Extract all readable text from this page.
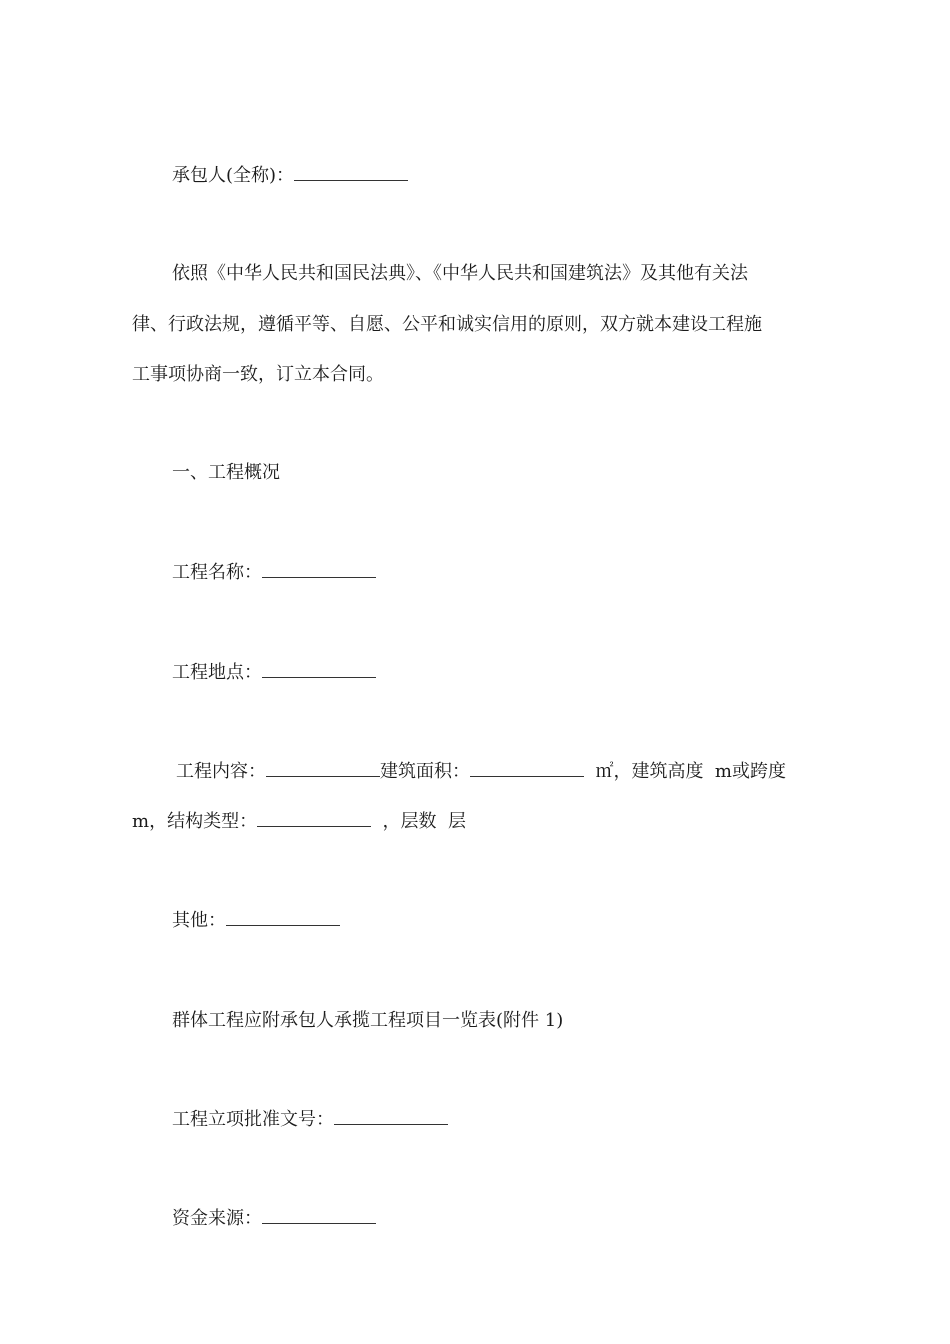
承包人(全称)：
依照《中华人民共和国民法典》、《中华人民共和国建筑法》及其他有关法
律、行政法规，遵循平等、自愿、公平和诚实信用的原则，双方就本建设工程施
工事项协商一致，订立本合同。
一、工程概况
工程名称：
工程地点：
工程内容：	建筑面积：	㎡，建筑高度 m或跨度
m，结构类型：	，层数 层
其他：
群体工程应附承包人承揽工程项目一览表(附件 1)
工程立项批准文号：
资金来源：
